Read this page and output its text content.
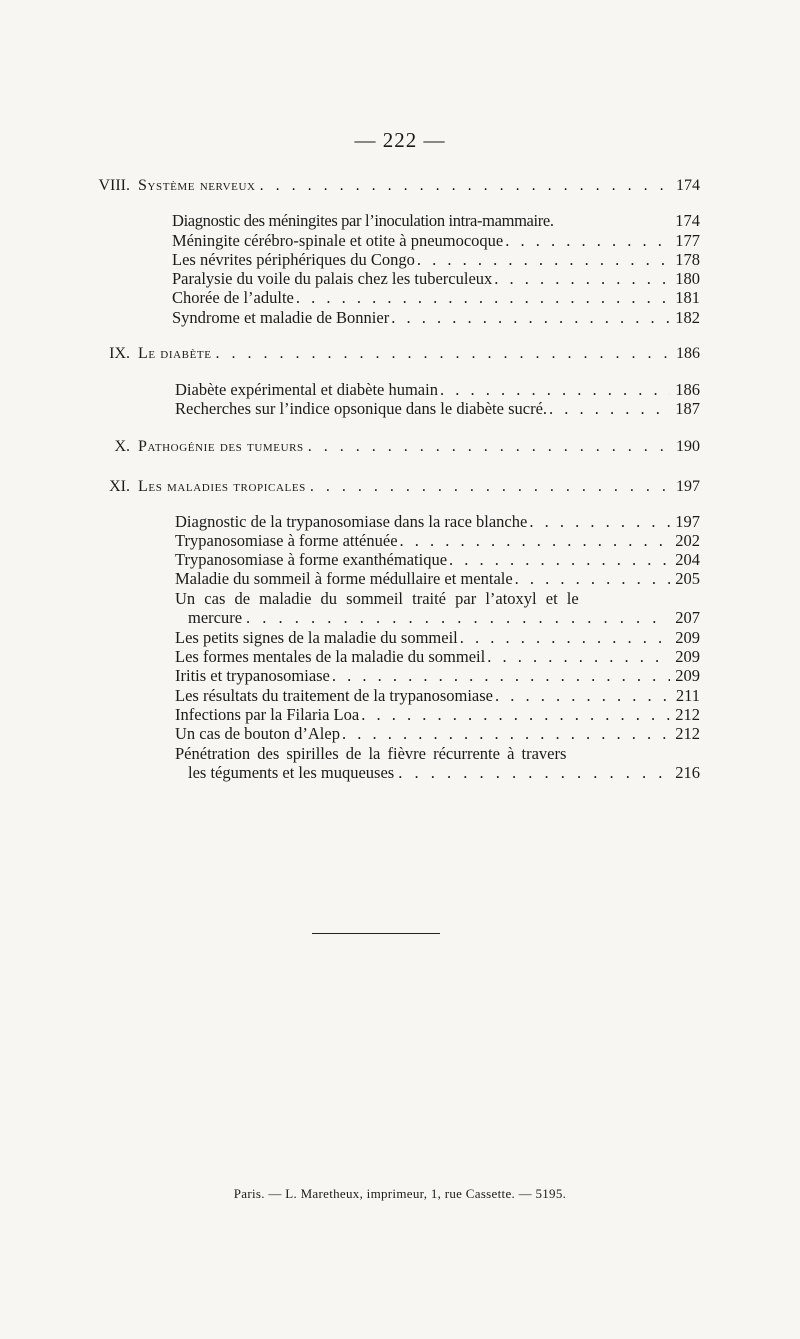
— 222 —
VIII. Système nerveux . . .	174
Diagnostic des méningites par l’inoculation intra-mammaire.	174
Méningite cérébro-spinale et otite à pneumocoque . . .	177
Les névrites périphériques du Congo . . .	178
Paralysie du voile du palais chez les tuberculeux . . .	180
Chorée de l’adulte . . .	181
Syndrome et maladie de Bonnier . . .	182
IX. Le diabète . . .	186
Diabète expérimental et diabète humain . . .	186
Recherches sur l’indice opsonique dans le diabète sucré. . . .	187
X. Pathogénie des tumeurs . . .	190
XI. Les maladies tropicales . . .	197
Diagnostic de la trypanosomiase dans la race blanche . . .	197
Trypanosomiase à forme atténuée . . .	202
Trypanosomiase à forme exanthématique . . .	204
Maladie du sommeil à forme médullaire et mentale . . .	205
Un cas de maladie du sommeil traité par l’atoxyl et le
mercure . . .	207
Les petits signes de la maladie du sommeil . . .	209
Les formes mentales de la maladie du sommeil . . .	209
Iritis et trypanosomiase . . .	209
Les résultats du traitement de la trypanosomiase . . .	211
Infections par la Filaria Loa . . .	212
Un cas de bouton d’Alep . . .	212
Pénétration des spirilles de la fièvre récurrente à travers
les téguments et les muqueuses . . .	216
Paris. — L. Maretheux, imprimeur, 1, rue Cassette. — 5195.
